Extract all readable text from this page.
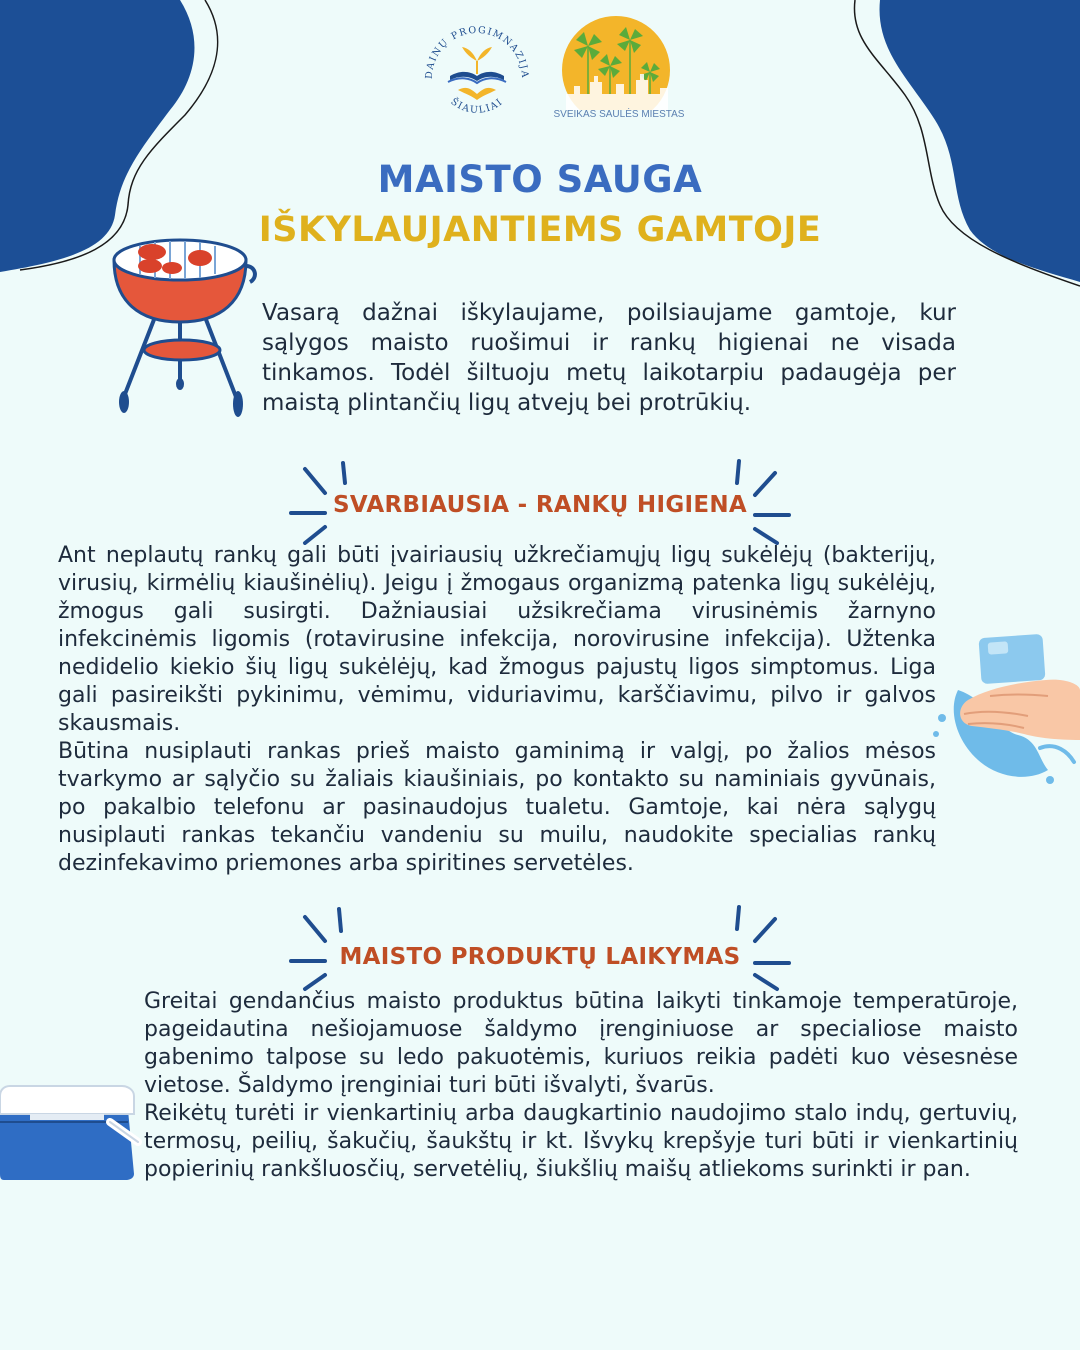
DAINŲ PROGIMNAZIJA
ŠIAULIAI
SVEIKAS SAULĖS MIESTAS
MAISTO SAUGA
IŠKYLAUJANTIEMS GAMTOJE

Vasarą dažnai iškylaujame, poilsiaujame gamtoje, kur sąlygos maisto ruošimui ir rankų higienai ne visada tinkamos. Todėl šiltuoju metų laikotarpiu padaugėja per maistą plintančių ligų atvejų bei protrūkių.

SVARBIAUSIA - RANKŲ HIGIENA

Ant neplautų rankų gali būti įvairiausių užkrečiamųjų ligų sukėlėjų (bakterijų, virusių, kirmėlių kiaušinėlių). Jeigu į žmogaus organizmą patenka ligų sukėlėjų, žmogus gali susirgti. Dažniausiai užsikrečiama virusinėmis žarnyno infekcinėmis ligomis (rotavirusine infekcija, norovirusine infekcija). Užtenka nedidelio kiekio šių ligų sukėlėjų, kad žmogus pajustų ligos simptomus. Liga gali pasireikšti pykinimu, vėmimu, viduriavimu, karščiavimu, pilvo ir galvos skausmais.

Būtina nusiplauti rankas prieš maisto gaminimą ir valgį, po žalios mėsos tvarkymo ar sąlyčio su žaliais kiaušiniais, po kontakto su naminiais gyvūnais, po pakalbio telefonu ar pasinaudojus tualetu. Gamtoje, kai nėra sąlygų nusiplauti rankas tekančiu vandeniu su muilu, naudokite specialias rankų dezinfekavimo priemones arba spiritines servetėles.

MAISTO PRODUKTŲ LAIKYMAS

Greitai gendančius maisto produktus būtina laikyti tinkamoje temperatūroje, pageidautina nešiojamuose šaldymo įrenginiuose ar specialiose maisto gabenimo talpose su ledo pakuotėmis, kuriuos reikia padėti kuo vėsesnėse vietose. Šaldymo įrenginiai turi būti išvalyti, švarūs.

Reikėtų turėti ir vienkartinių arba daugkartinio naudojimo stalo indų, gertuvių, termosų, peilių, šakučių, šaukštų ir kt. Išvykų krepšyje turi būti ir vienkartinių popierinių rankšluosčių, servetėlių, šiukšlių maišų atliekoms surinkti ir pan.
